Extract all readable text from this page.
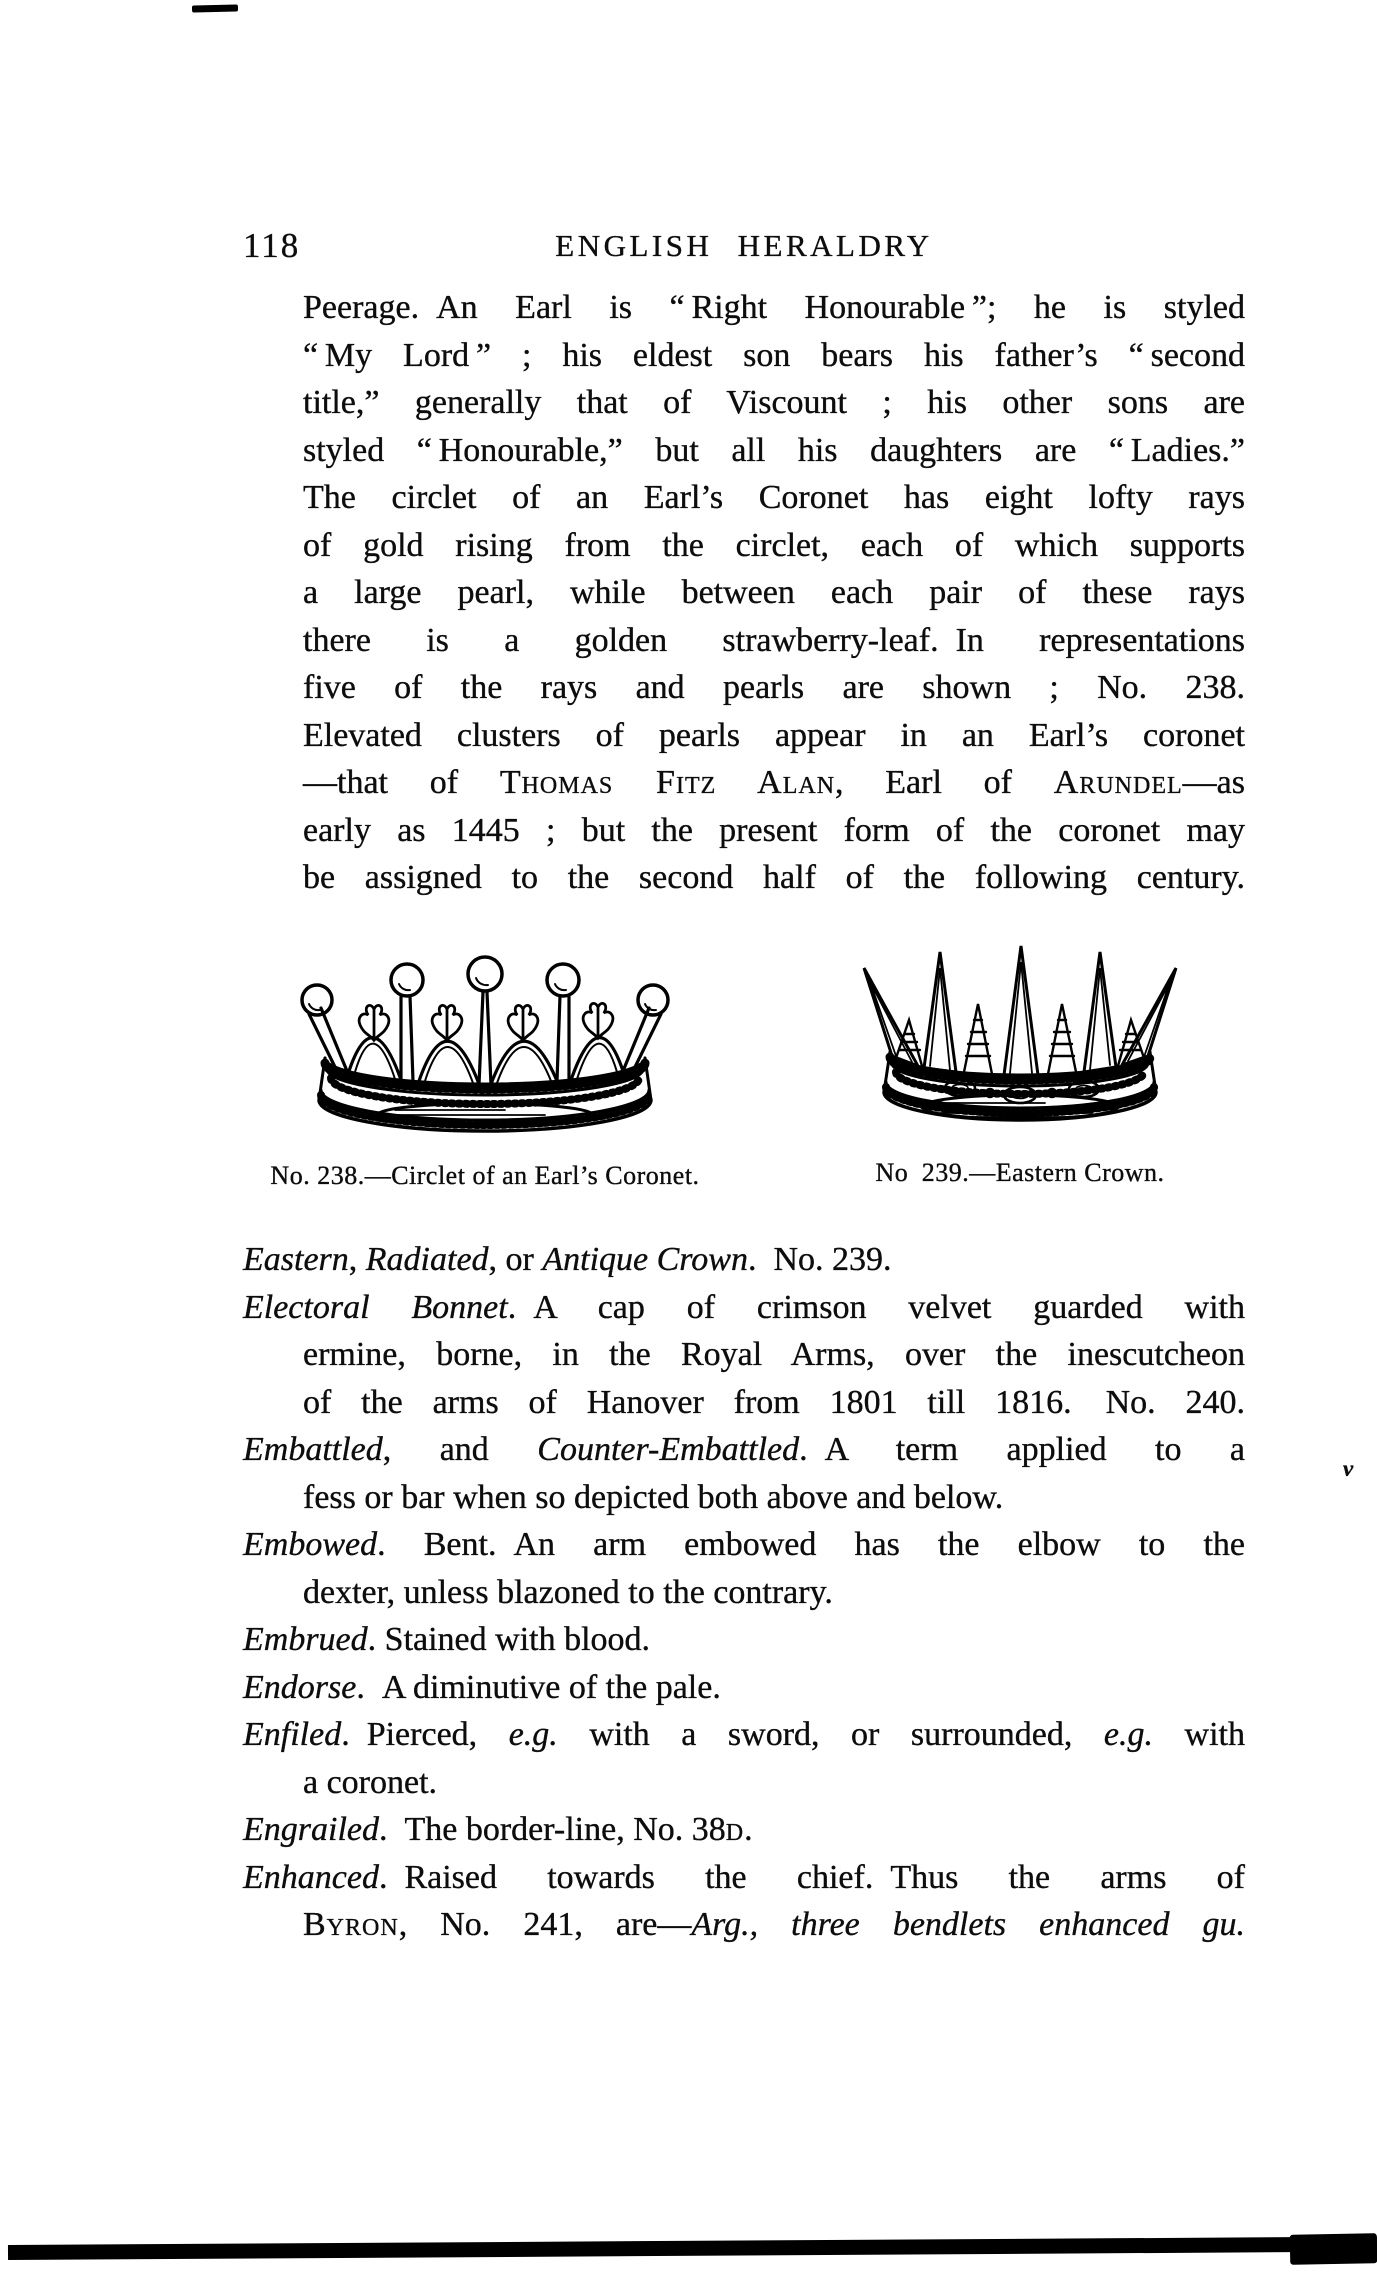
118	ENGLISH HERALDRY
Peerage. An Earl is “ Right Honourable ”; he is styled
“ My Lord ” ; his eldest son bears his father’s “ second
title,” generally that of Viscount ; his other sons are
styled “ Honourable,” but all his daughters are “ Ladies.”
The circlet of an Earl’s Coronet has eight lofty rays
of gold rising from the circlet, each of which supports
a large pearl, while between each pair of these rays
there is a golden strawberry-leaf. In representations
five of the rays and pearls are shown ; No. 238.
Elevated clusters of pearls appear in an Earl’s coronet
—that of Thomas Fitz Alan, Earl of Arundel—as
early as 1445 ; but the present form of the coronet may
be assigned to the second half of the following century.
No. 238.—Circlet of an Earl’s Coronet.	No 239.—Eastern Crown.
Eastern, Radiated, or Antique Crown. No. 239.
Electoral Bonnet. A cap of crimson velvet guarded with
ermine, borne, in the Royal Arms, over the inescutcheon
of the arms of Hanover from 1801 till 1816.  No. 240.
Embattled, and Counter-Embattled. A term applied to a
fess or bar when so depicted both above and below.
Embowed. Bent. An arm embowed has the elbow to the
dexter, unless blazoned to the contrary.
Embrued. Stained with blood.
Endorse. A diminutive of the pale.
Enfiled. Pierced, e.g. with a sword, or surrounded, e.g. with
a coronet.
Engrailed. The border-line, No. 38d.
Enhanced. Raised towards the chief. Thus the arms of
Byron, No. 241, are—Arg., three bendlets enhanced gu.
v
